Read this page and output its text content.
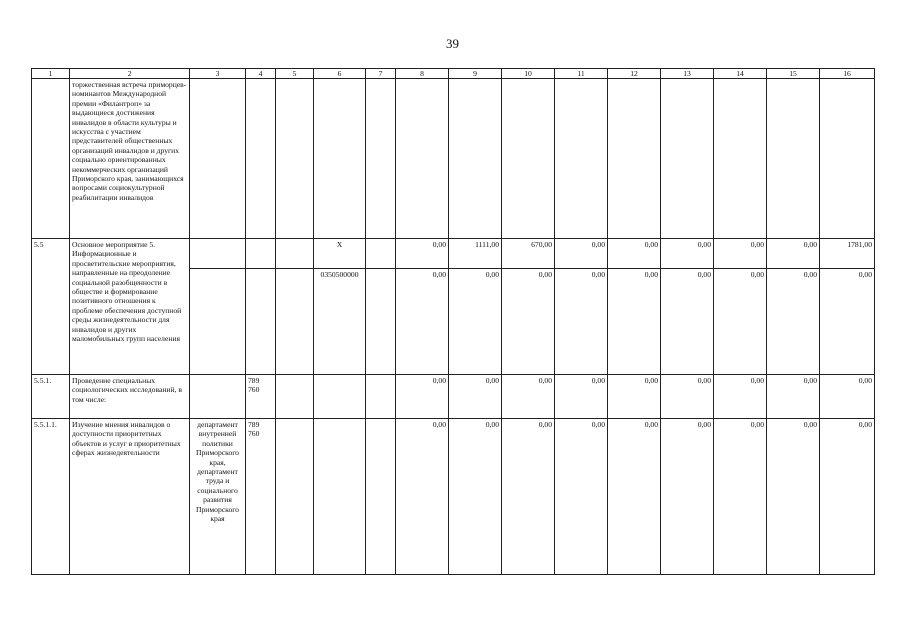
39
1	2	3	4	5	6	7	8	9	10	11	12	13	14	15	16
	торжественная встреча приморцев-номинантов Международной премии «Филантроп» за выдающиеся достижения инвалидов в области культуры и искусства с участием представителей общественных организаций инвалидов и других социально ориентированных некоммерческих организаций Приморского края, занимающихся вопросами социокультурной реабилитации инвалидов														
5.5	Основное мероприятие 5. Информационные и просветительские мероприятия, направленные на преодоление социальной разобщенности в обществе и формирование позитивного отношения к проблеме обеспечения доступной среды жизнедеятельности для инвалидов и других маломобильных групп населения				X		0,00	1111,00	670,00	0,00	0,00	0,00	0,00	0,00	1781,00
					0350500000		0,00	0,00	0,00	0,00	0,00	0,00	0,00	0,00	0,00
5.5.1.	Проведение специальных социологических исследований, в том числе:		789
760				0,00	0,00	0,00	0,00	0,00	0,00	0,00	0,00	0,00
5.5.1.1.	Изучение мнения инвалидов о доступности приоритетных объектов и услуг в приоритетных сферах жизнедеятельности	департамент внутренней политики Приморского края, департамент труда и социального развития Приморского края	789
760				0,00	0,00	0,00	0,00	0,00	0,00	0,00	0,00	0,00
